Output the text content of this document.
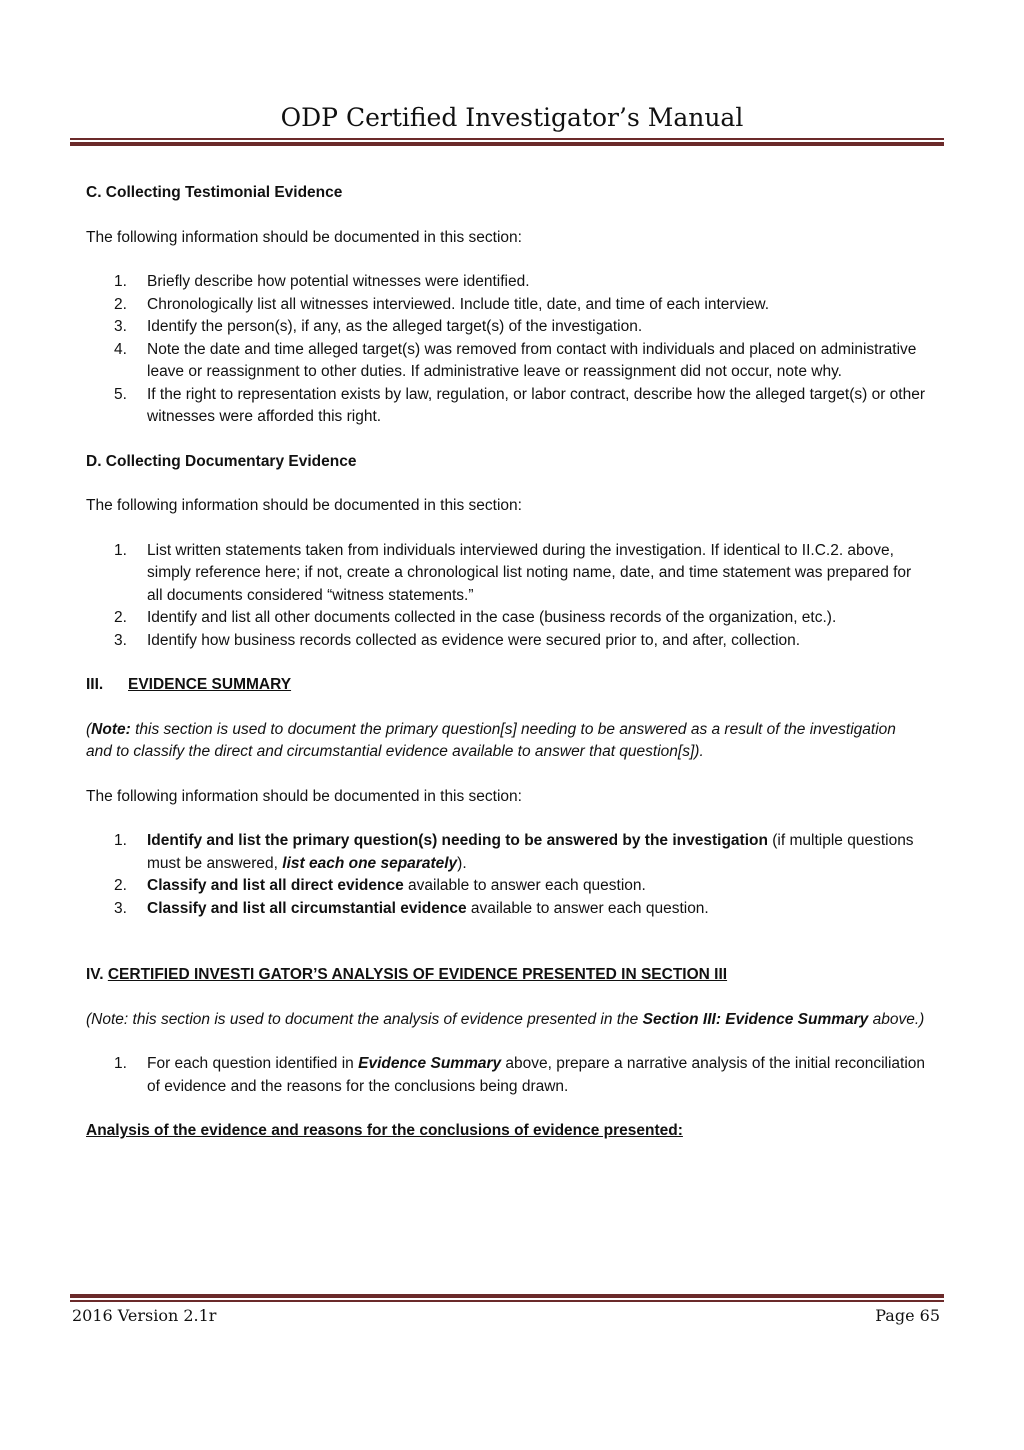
ODP Certified Investigator’s Manual

C. Collecting Testimonial Evidence

The following information should be documented in this section:

1. Briefly describe how potential witnesses were identified.
2. Chronologically list all witnesses interviewed. Include title, date, and time of each interview.
3. Identify the person(s), if any, as the alleged target(s) of the investigation.
4. Note the date and time alleged target(s) was removed from contact with individuals and placed on administrative leave or reassignment to other duties. If administrative leave or reassignment did not occur, note why.
5. If the right to representation exists by law, regulation, or labor contract, describe how the alleged target(s) or other witnesses were afforded this right.

D. Collecting Documentary Evidence

The following information should be documented in this section:

1. List written statements taken from individuals interviewed during the investigation. If identical to II.C.2. above, simply reference here; if not, create a chronological list noting name, date, and time statement was prepared for all documents considered “witness statements.”
2. Identify and list all other documents collected in the case (business records of the organization, etc.).
3. Identify how business records collected as evidence were secured prior to, and after, collection.

III. EVIDENCE SUMMARY

(Note: this section is used to document the primary question[s] needing to be answered as a result of the investigation and to classify the direct and circumstantial evidence available to answer that question[s]).

The following information should be documented in this section:

1. Identify and list the primary question(s) needing to be answered by the investigation (if multiple questions must be answered, list each one separately).
2. Classify and list all direct evidence available to answer each question.
3. Classify and list all circumstantial evidence available to answer each question.

IV. CERTIFIED INVESTI GATOR’S ANALYSIS OF EVIDENCE PRESENTED IN SECTION III

(Note: this section is used to document the analysis of evidence presented in the Section III: Evidence Summary above.)

1. For each question identified in Evidence Summary above, prepare a narrative analysis of the initial reconciliation of evidence and the reasons for the conclusions being drawn.

Analysis of the evidence and reasons for the conclusions of evidence presented:

2016 Version 2.1r	Page 65
